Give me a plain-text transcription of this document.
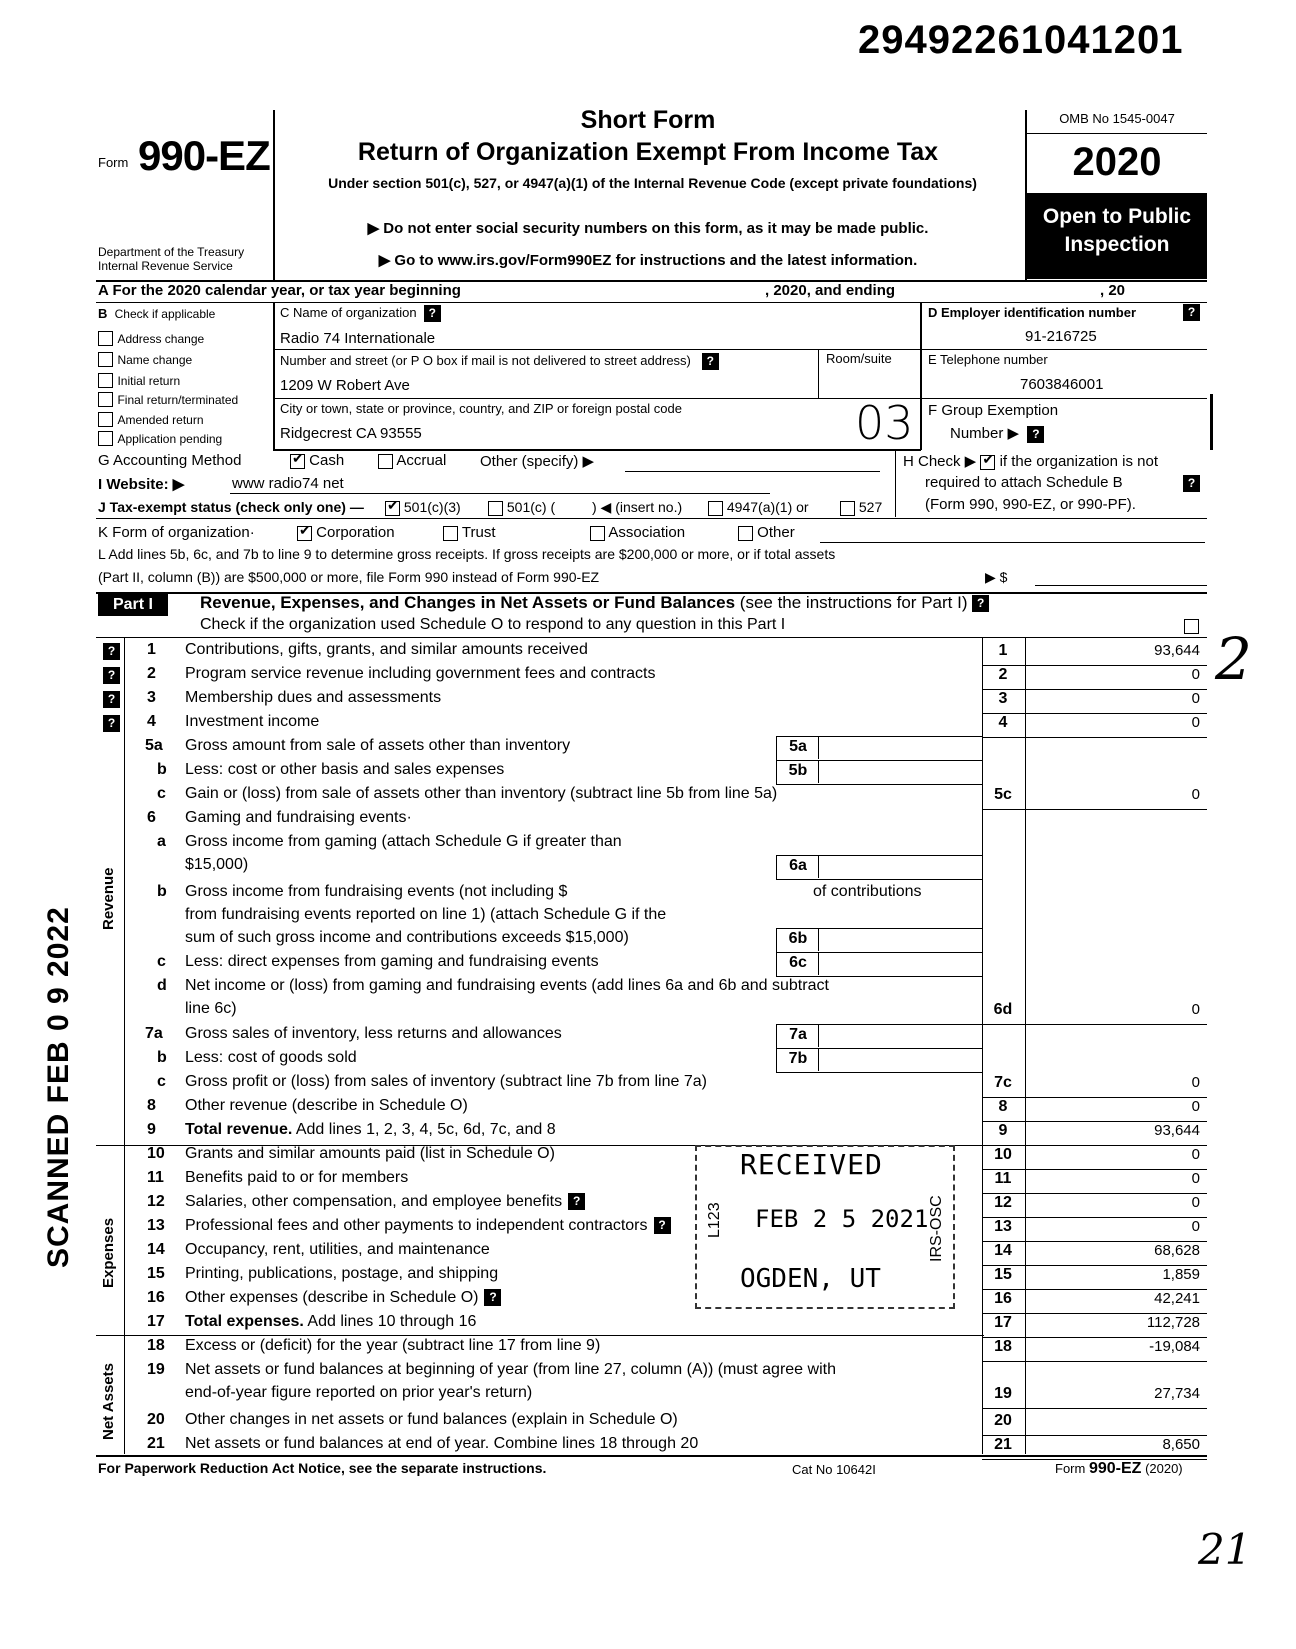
29492261041201
Form 990-EZ
Department of the Treasury
Internal Revenue Service
Short Form
Return of Organization Exempt From Income Tax
Under section 501(c), 527, or 4947(a)(1) of the Internal Revenue Code (except private foundations)
▶ Do not enter social security numbers on this form, as it may be made public.
▶ Go to www.irs.gov/Form990EZ for instructions and the latest information.
OMB No 1545-0047
2020
Open to Public Inspection
A For the 2020 calendar year, or tax year beginning	, 2020, and ending	, 20
B Check if applicable
Address change
Name change
Initial return
Final return/terminated
Amended return
Application pending
C Name of organization ?
Radio 74 Internationale
Number and street (or P O box if mail is not delivered to street address) ?	Room/suite
1209 W Robert Ave
City or town, state or province, country, and ZIP or foreign postal code
Ridgecrest CA 93555	03
D Employer identification number	?
91-216725
E Telephone number
7603846001
F Group Exemption
Number ▶ ?
G Accounting Method ✔	Cash	Accrual Other (specify) ▶	H Check ▶ ✔ if the organization is not
required to attach Schedule B	?
(Form 990, 990-EZ, or 990-PF).
I Website: ▶	www radio74 net
J Tax-exempt status (check only one) — ✔	501(c)(3)	501(c) (	) ◀ (insert no.)	4947(a)(1) or	527
K Form of organization· ✔	Corporation	Trust	Association	Other
L Add lines 5b, 6c, and 7b to line 9 to determine gross receipts. If gross receipts are $200,000 or more, or if total assets
(Part II, column (B)) are $500,000 or more, file Form 990 instead of Form 990-EZ	▶ $
Part I	Revenue, Expenses, and Changes in Net Assets or Fund Balances (see the instructions for Part I) ?
Check if the organization used Schedule O to respond to any question in this Part I
?	1 Contributions, gifts, grants, and similar amounts received	1	93,644
?	2 Program service revenue including government fees and contracts	2	0
?	3 Membership dues and assessments	3	0
?	4 Investment income	4	0
5a Gross amount from sale of assets other than inventory	5a
b Less: cost or other basis and sales expenses	5b
c Gain or (loss) from sale of assets other than inventory (subtract line 5b from line 5a)	5c	0
6 Gaming and fundraising events·
a Gross income from gaming (attach Schedule G if greater than
$15,000)	6a
b Gross income from fundraising events (not including $	of contributions
from fundraising events reported on line 1) (attach Schedule G if the
sum of such gross income and contributions exceeds $15,000)	6b
c Less: direct expenses from gaming and fundraising events	6c
d Net income or (loss) from gaming and fundraising events (add lines 6a and 6b and subtract
line 6c)	6d	0
7a Gross sales of inventory, less returns and allowances	7a
b Less: cost of goods sold	7b
c Gross profit or (loss) from sales of inventory (subtract line 7b from line 7a)	7c	0
8 Other revenue (describe in Schedule O)	8	0
9 Total revenue. Add lines 1, 2, 3, 4, 5c, 6d, 7c, and 8	9	93,644
10 Grants and similar amounts paid (list in Schedule O)	10	0
11 Benefits paid to or for members	11	0
12 Salaries, other compensation, and employee benefits ?	12	0
13 Professional fees and other payments to independent contractors ?	13	0
14 Occupancy, rent, utilities, and maintenance	14	68,628
15 Printing, publications, postage, and shipping	15	1,859
16 Other expenses (describe in Schedule O) ?	16	42,241
17 Total expenses. Add lines 10 through 16	17	112,728
18 Excess or (deficit) for the year (subtract line 17 from line 9)	18	-19,084
19 Net assets or fund balances at beginning of year (from line 27, column (A)) (must agree with
end-of-year figure reported on prior year's return)	19	27,734
20 Other changes in net assets or fund balances (explain in Schedule O)	20
21 Net assets or fund balances at end of year. Combine lines 18 through 20	21	8,650
Revenue
Expenses
Net Assets
RECEIVED
FEB 2 5 2021
OGDEN, UT
L123	IRS-OSC
SCANNED FEB 0 9 2022
2
21
For Paperwork Reduction Act Notice, see the separate instructions.	Cat No 10642I	Form 990-EZ (2020)
